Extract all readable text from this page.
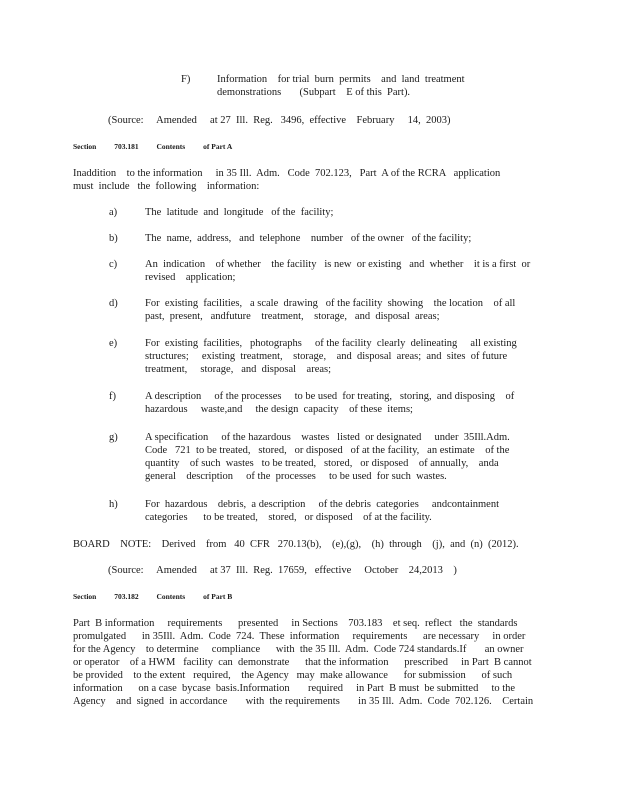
F)	Information    for trial  burn  permits    and  land  treatment
demonstrations       (Subpart    E of this  Part).
(Source:     Amended     at 27  Ill.  Reg.   3496,  effective    February     14,  2003)
Section 703.181 Contents of Part A
Inaddition    to the information     in 35 Ill.  Adm.   Code  702.123,   Part  A of the RCRA   application
must  include   the  following    information:
a)	The  latitude  and  longitude   of the  facility;
b)	The  name,  address,   and  telephone    number   of the owner   of the facility;
c)	An  indication    of whether    the facility   is new  or existing   and  whether    it is a first  or
revised    application;
d)	For  existing  facilities,   a scale  drawing   of the facility  showing    the location    of all
past,  present,   andfuture    treatment,    storage,   and  disposal  areas;
e)	For  existing  facilities,   photographs     of the facility  clearly  delineating     all existing
structures;     existing  treatment,    storage,    and  disposal  areas;  and  sites  of future
treatment,     storage,   and  disposal    areas;
f)	A description     of the processes     to be used  for treating,   storing,  and disposing    of
hazardous     waste,and     the design  capacity    of these  items;
g)	A specification     of the hazardous    wastes   listed  or designated     under  35Ill.Adm.
Code   721  to be treated,   stored,   or disposed   of at the facility,   an estimate    of the
quantity    of such  wastes   to be treated,   stored,   or disposed    of annually,    anda
general    description     of the  processes     to be used  for such  wastes.
h)	For  hazardous    debris,  a description     of the debris  categories     andcontainment
categories      to be treated,    stored,   or disposed    of at the facility.
BOARD    NOTE:    Derived    from   40  CFR   270.13(b),    (e),(g),    (h)  through    (j),  and  (n)  (2012).
(Source:     Amended     at 37  Ill.  Reg.  17659,   effective     October    24,2013    )
Section 703.182 Contents of Part B
Part  B information     requirements      presented     in Sections    703.183    et seq.  reflect   the  standards
promulgated      in 35Ill.  Adm.  Code  724.  These  information     requirements      are necessary     in order
for the Agency    to determine     compliance      with  the 35 Ill.  Adm.  Code 724 standards.If       an owner
or operator    of a HWM   facility  can  demonstrate      that the information      prescribed     in Part  B cannot
be provided    to the extent   required,    the Agency   may  make allowance      for submission      of such
information      on a case  bycase  basis.Information       required     in Part  B must  be submitted     to the
Agency    and  signed  in accordance       with  the requirements       in 35 Ill.  Adm.  Code  702.126.    Certain
